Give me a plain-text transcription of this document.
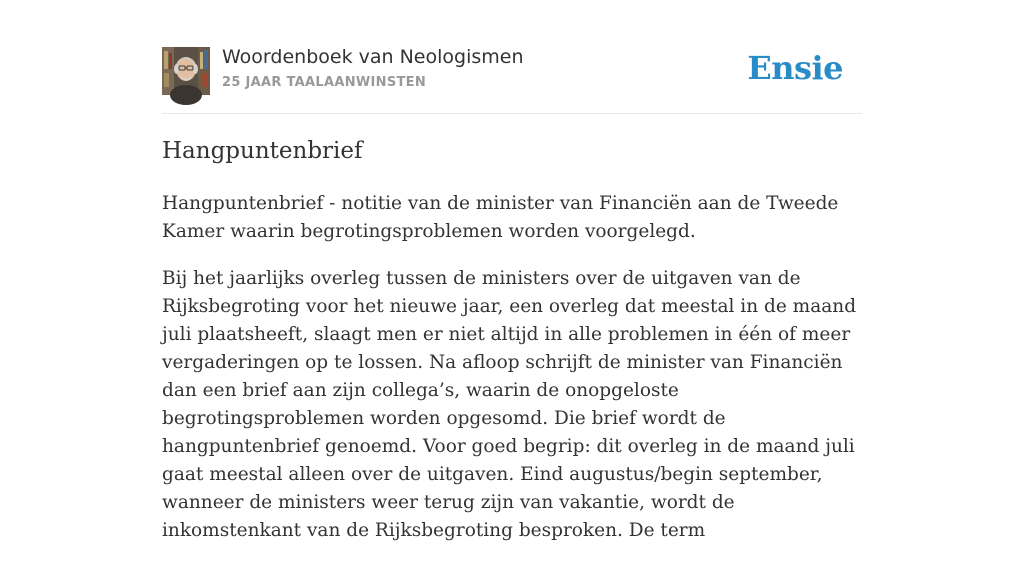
Woordenboek van Neologismen
25 JAAR TAALAANWINSTEN	Ensie
Hangpuntenbrief

Hangpuntenbrief - notitie van de minister van Financiën aan de Tweede Kamer waarin begrotingsproblemen worden voorgelegd.

Bij het jaarlijks overleg tussen de ministers over de uitgaven van de Rijksbegroting voor het nieuwe jaar, een overleg dat meestal in de maand juli plaatsheeft, slaagt men er niet altijd in alle problemen in één of meer vergaderingen op te lossen. Na afloop schrijft de minister van Financiën dan een brief aan zijn collega’s, waarin de onopgeloste begrotingsproblemen worden opgesomd. Die brief wordt de hangpuntenbrief genoemd. Voor goed begrip: dit overleg in de maand juli gaat meestal alleen over de uitgaven. Eind augustus/begin september, wanneer de ministers weer terug zijn van vakantie, wordt de inkomstenkant van de Rijksbegroting besproken. De term
